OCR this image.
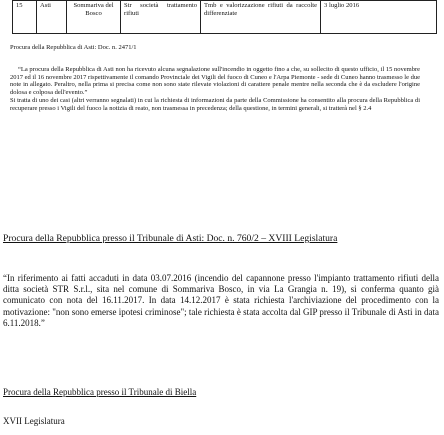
15	Asti	Sommariva del Bosco	Str società trattamento rifiuti	Tmb e valorizzazione rifiuti da raccolte differenziate	3 luglio 2016
Procura della Repubblica di Asti: Doc. n. 2471/1

“La procura della Repubblica di Asti non ha ricevuto alcuna segnalazione sull'incendio in oggetto fino a che, su sollecito di questo ufficio, il 15 novembre 2017 ed il 16 novembre 2017 rispettivamente il comando Provinciale dei Vigili del fuoco di Cuneo e l'Arpa Piemonte - sede di Cuneo hanno trasmesso le due note in allegato. Peraltro, nella prima si precisa come non sono state rilevate violazioni di carattere penale mentre nella seconda che è da escludere l'origine dolosa e colposa dell'evento.”

Si tratta di uno dei casi (altri verranno segnalati) in cui la richiesta di informazioni da parte della Commissione ha consentito alla procura della Repubblica di recuperare presso i Vigili del fuoco la notizia di reato, non trasmessa in precedenza; della questione, in termini generali, si tratterà nel § 2.4

Procura della Repubblica presso il Tribunale di Asti: Doc. n. 760/2 – XVIII Legislatura

“In riferimento ai fatti accaduti in data 03.07.2016 (incendio del capannone presso l'impianto trattamento rifiuti della ditta società STR S.r.l., sita nel comune di Sommariva Bosco, in via La Grangia n. 19), si conferma quanto già comunicato con nota del 16.11.2017. In data 14.12.2017 è stata richiesta l'archiviazione del procedimento con la motivazione: "non sono emerse ipotesi criminose"; tale richiesta è stata accolta dal GIP presso il Tribunale di Asti in data 6.11.2018.”

Procura della Repubblica presso il Tribunale di Biella

XVII Legislatura
